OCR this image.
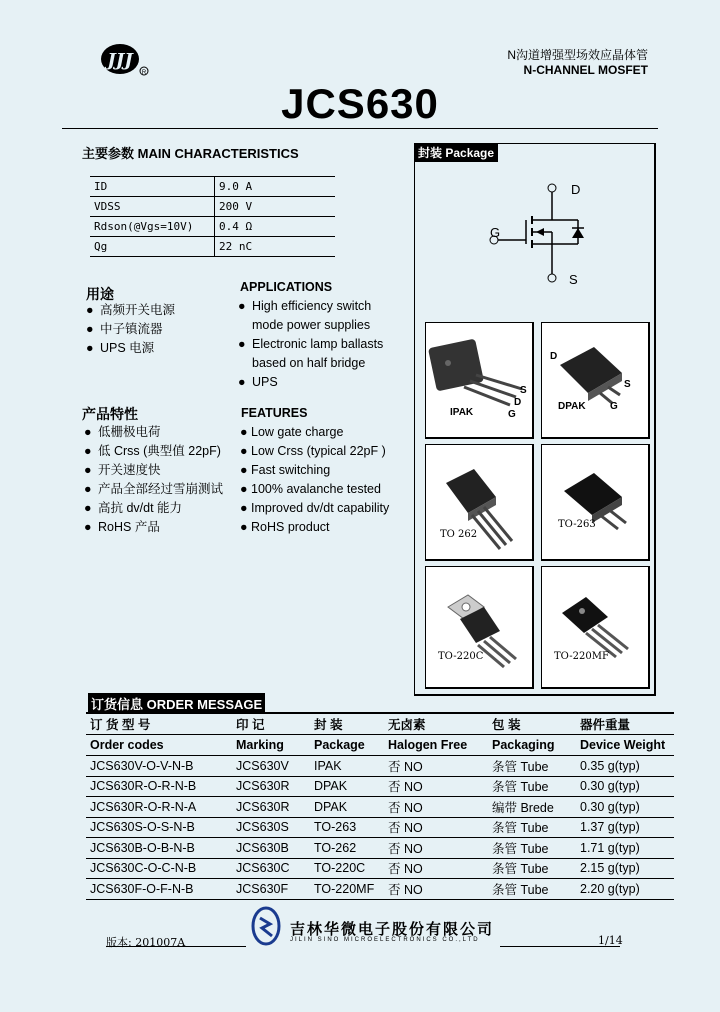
JJJ
R
N沟道增强型场效应晶体管
N-CHANNEL MOSFET
JCS630
主要参数 MAIN CHARACTERISTICS
ID	9.0 A
VDSS	200 V
Rdson(@Vgs=10V)	0.4 Ω
Qg	22 nC
用途
● 高频开关电源
● 中子镇流器
● UPS 电源
APPLICATIONS
● High efficiency switch
mode power supplies
● Electronic lamp ballasts
based on half bridge
● UPS
产品特性
● 低栅极电荷
● 低 Crss (典型值 22pF)
● 开关速度快
● 产品全部经过雪崩测试
● 高抗 dv/dt 能力
● RoHS 产品
FEATURES
● Low gate charge
● Low Crss (typical 22pF )
● Fast switching
● 100% avalanche tested
● Improved dv/dt capability
● RoHS product
封装 Package
D
G
S
IPAK
S
D
G
D
DPAK
S
G
TO 262
TO-263
TO-220C	TO-220MF
订货信息 ORDER MESSAGE
订 货 型 号	印 记	封 装	无卤素	包 装	器件重量
Order codes	Marking	Package	Halogen Free	Packaging	Device Weight
JCS630V-O-V-N-B	JCS630V	IPAK	否 NO	条管 Tube	0.35 g(typ)
JCS630R-O-R-N-B	JCS630R	DPAK	否 NO	条管 Tube	0.30 g(typ)
JCS630R-O-R-N-A	JCS630R	DPAK	否 NO	编带 Brede	0.30 g(typ)
JCS630S-O-S-N-B	JCS630S	TO-263	否 NO	条管 Tube	1.37 g(typ)
JCS630B-O-B-N-B	JCS630B	TO-262	否 NO	条管 Tube	1.71 g(typ)
JCS630C-O-C-N-B	JCS630C	TO-220C	否 NO	条管 Tube	2.15 g(typ)
JCS630F-O-F-N-B	JCS630F	TO-220MF	否 NO	条管 Tube	2.20 g(typ)
吉林华微电子股份有限公司
JILIN SINO MICROELECTRONICS CO.,LTD
版本: 201007A	1/14
